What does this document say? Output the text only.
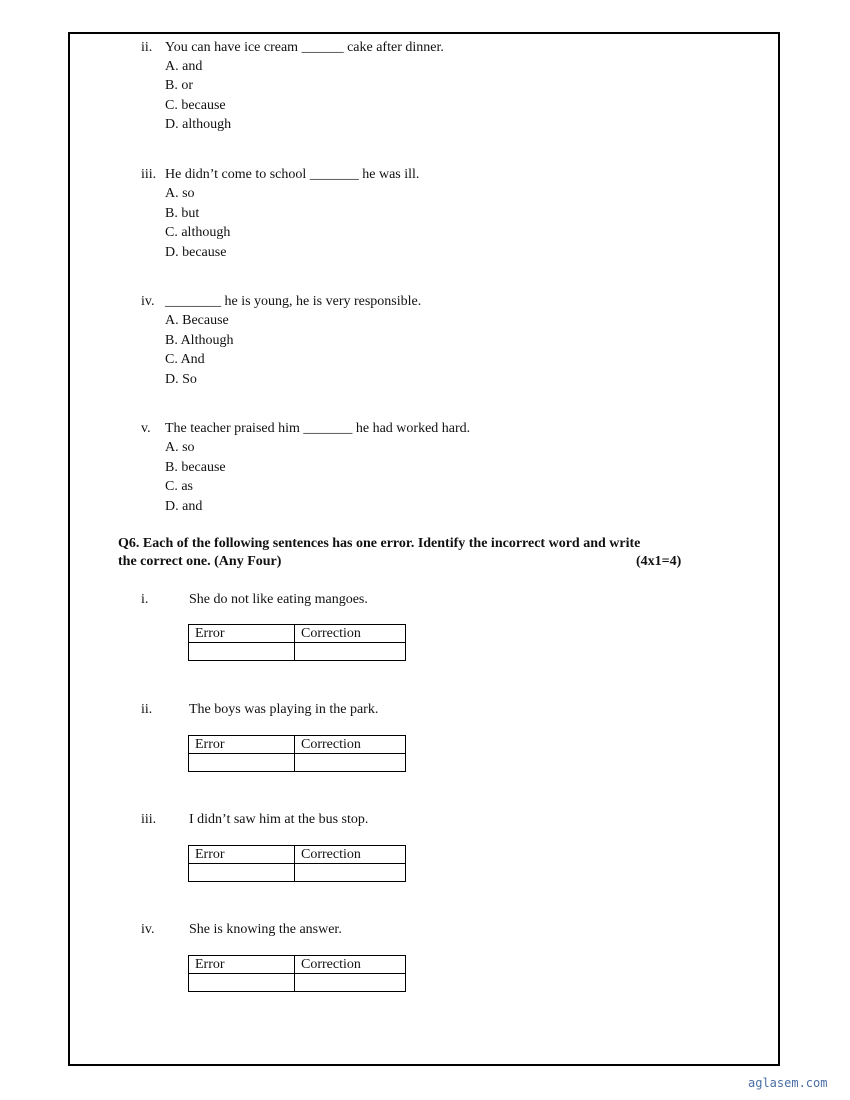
ii. You can have ice cream ______ cake after dinner.
A. and
B. or
C. because
D. although
iii. He didn’t come to school _______ he was ill.
A. so
B. but
C. although
D. because
iv. ________ he is young, he is very responsible.
A. Because
B. Although
C. And
D. So
v. The teacher praised him _______ he had worked hard.
A. so
B. because
C. as
D. and
Q6. Each of the following sentences has one error. Identify the incorrect word and write
the correct one. (Any Four)	(4x1=4)
i.	She do not like eating mangoes.
Error	Correction

ii.	The boys was playing in the park.
Error	Correction

iii. I didn’t saw him at the bus stop.
Error	Correction

iv. She is knowing the answer.
Error	Correction

aglasem.com
